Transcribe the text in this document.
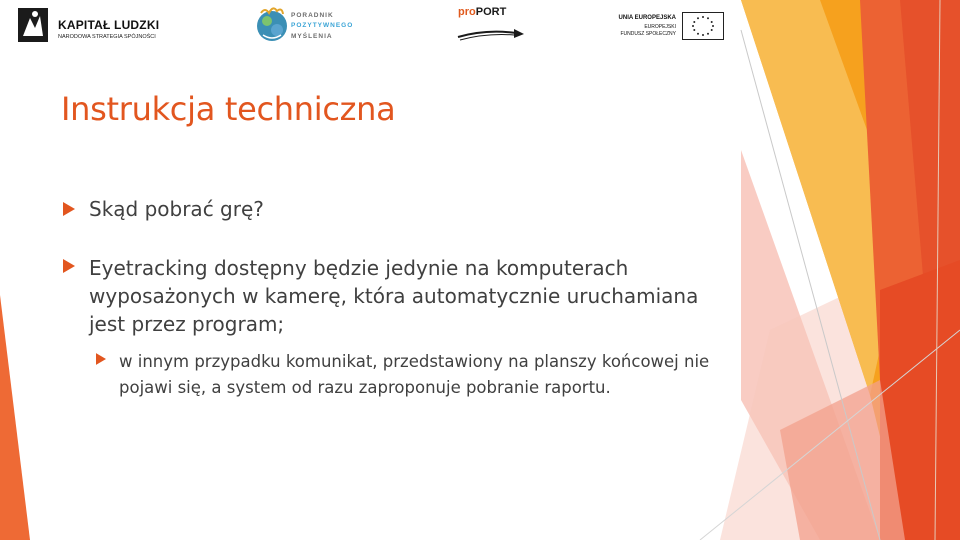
KAPITAŁ LUDZKI
NARODOWA STRATEGIA SPÓJNOŚCI
PORADNIK
POZYTYWNEGO
MYŚLENIA
proPORT	UNIA EUROPEJSKA
EUROPEJSKI
FUNDUSZ SPOŁECZNY
Instrukcja techniczna
Skąd pobrać grę?
Eyetracking dostępny będzie jedynie na komputerach wyposażonych w kamerę, która automatycznie uruchamiana jest przez program;
w innym przypadku komunikat, przedstawiony na planszy końcowej nie pojawi się, a system od razu zaproponuje pobranie raportu.
